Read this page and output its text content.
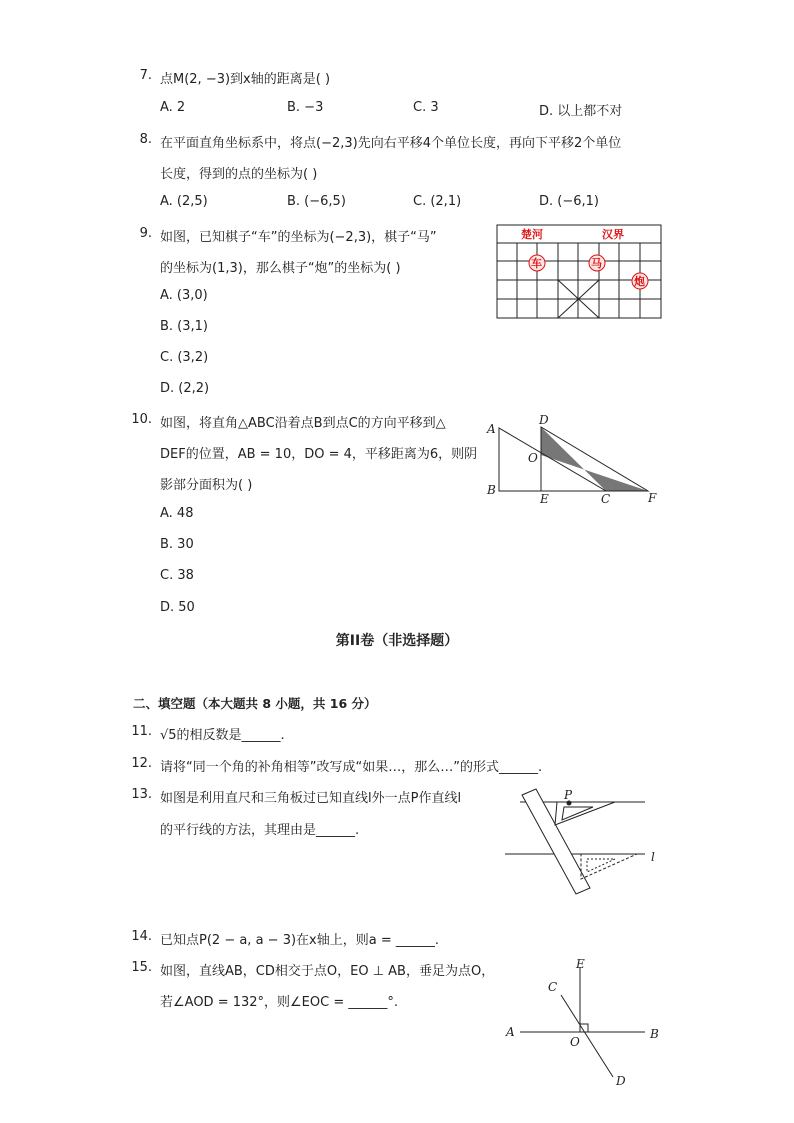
7. 点M(2, −3)到x轴的距离是( )
A. 2	B. −3	C. 3	D. 以上都不对
8. 在平面直角坐标系中，将点(−2,3)先向右平移4个单位长度，再向下平移2个单位
长度，得到的点的坐标为( )
A. (2,5)	B. (−6,5)	C. (2,1)	D. (−6,1)
9. 如图，已知棋子“车”的坐标为(−2,3)，棋子“马”
的坐标为(1,3)，那么棋子“炮”的坐标为( )
A. (3,0)
B. (3,1)
C. (3,2)
D. (2,2)
楚河	汉界
车	马
炮
10. 如图，将直角△ABC沿着点B到点C的方向平移到△
DEF的位置，AB = 10，DO = 4，平移距离为6，则阴
影部分面积为( )
A. 48
B. 30
C. 38
D. 50
A
B
D
O
E	C	F
第II卷（非选择题）
二、填空题（本大题共 8 小题，共 16 分）
11. √5的相反数是______.
12. 请将“同一个角的补角相等”改写成“如果…，那么…”的形式______.
13. 如图是利用直尺和三角板过已知直线l外一点P作直线l
的平行线的方法，其理由是______.
P
l
14. 已知点P(2 − a, a − 3)在x轴上，则a = ______.
15. 如图，直线AB，CD相交于点O，EO ⊥ AB，垂足为点O，
若∠AOD = 132°，则∠EOC = ______°.
E
C
A	B
O
D
